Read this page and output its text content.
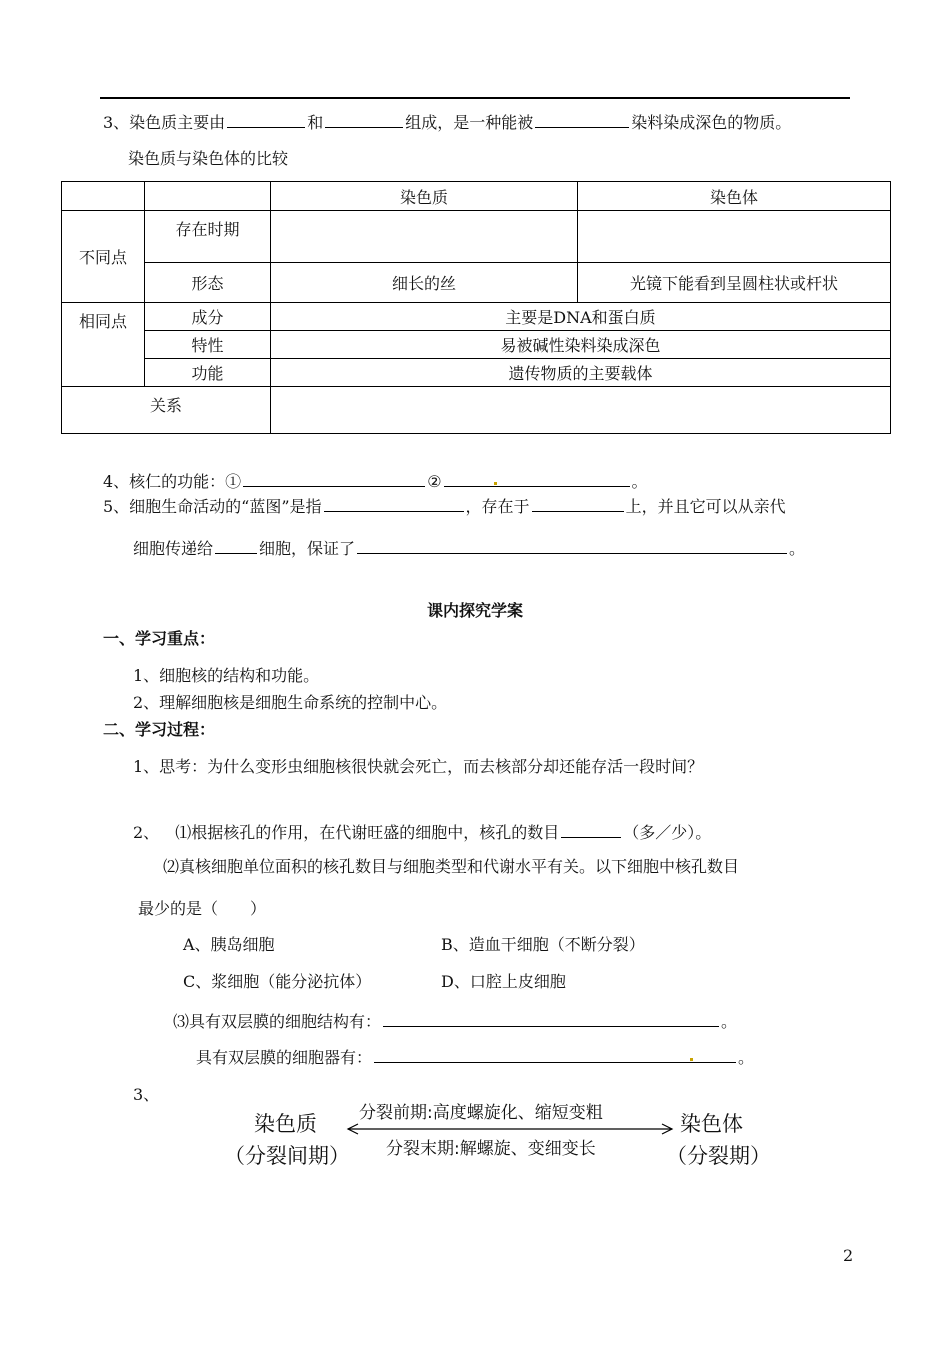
3、染色质主要由	和	组成，是一种能被	染料染成深色的物质。
染色质与染色体的比较
		染色质	染色体
不同点	存在时期		
	形态	细长的丝	光镜下能看到呈圆柱状或杆状
相同点	成分	主要是DNA和蛋白质	
	特性	易被碱性染料染成深色	
	功能	遗传物质的主要载体	
关系			
4、核仁的功能：①	②	。
5、细胞生命活动的“蓝图”是指	，存在于	上，并且它可以从亲代
细胞传递给	细胞，保证了	。
课内探究学案
一、学习重点：
1、细胞核的结构和功能。
2、理解细胞核是细胞生命系统的控制中心。
二、学习过程：
1、思考：为什么变形虫细胞核很快就会死亡，而去核部分却还能存活一段时间？
2、 ⑴根据核孔的作用，在代谢旺盛的细胞中，核孔的数目	（多／少）。
⑵真核细胞单位面积的核孔数目与细胞类型和代谢水平有关。以下细胞中核孔数目
最少的是（　　）
A、胰岛细胞	B、造血干细胞（不断分裂）
C、浆细胞（能分泌抗体）	D、口腔上皮细胞
⑶具有双层膜的细胞结构有：	。
具有双层膜的细胞器有：	。
3、
染色质
（分裂间期）
分裂前期:高度螺旋化、缩短变粗
分裂末期:解螺旋、变细变长
染色体
（分裂期）
2
